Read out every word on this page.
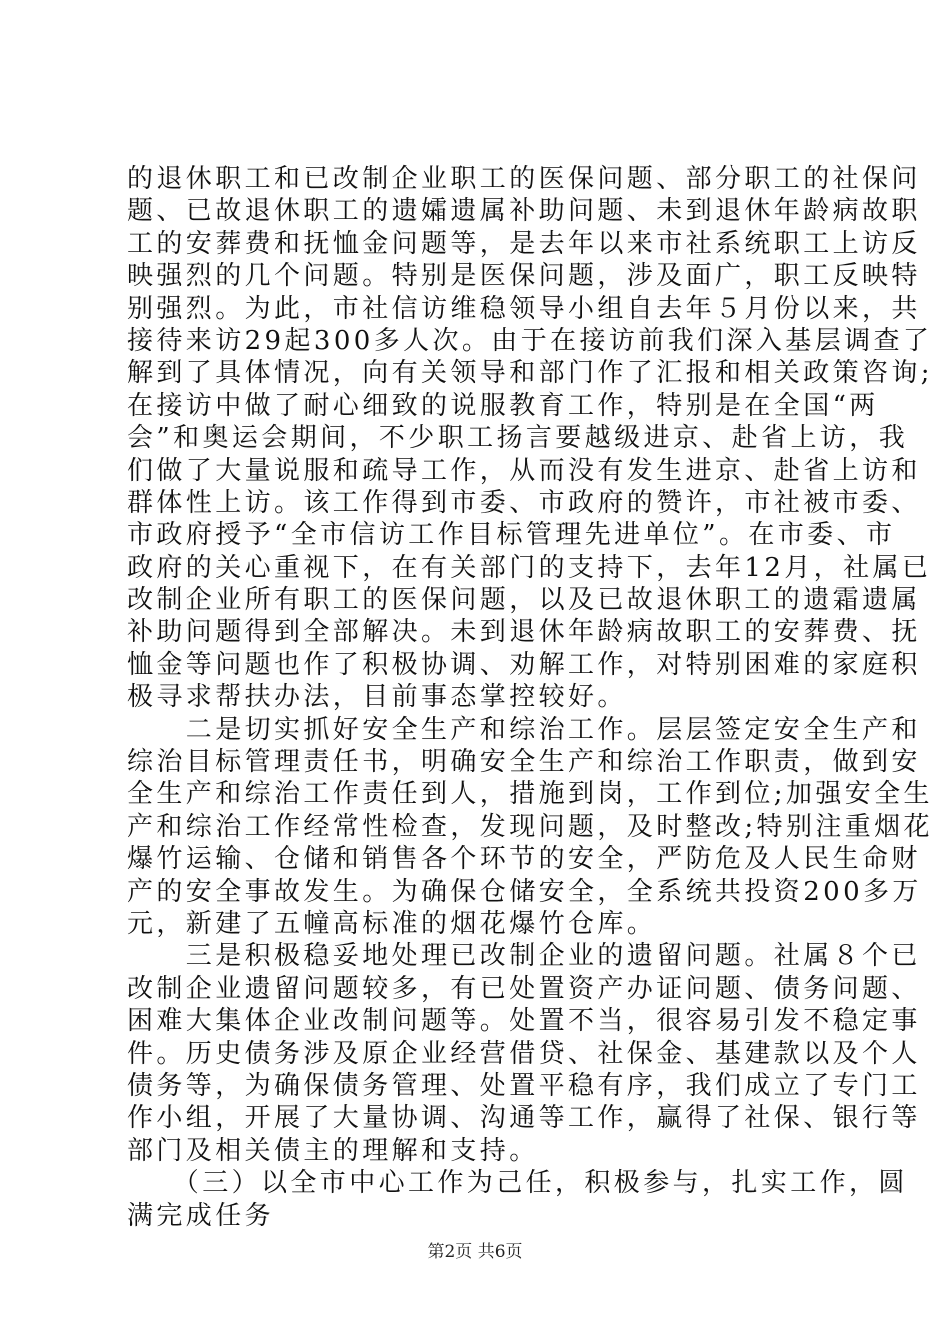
的退休职工和已改制企业职工的医保问题、部分职工的社保问
题、已故退休职工的遗孀遗属补助问题、未到退休年龄病故职
工的安葬费和抚恤金问题等，是去年以来市社系统职工上访反
映强烈的几个问题。特别是医保问题，涉及面广，职工反映特
别强烈。为此，市社信访维稳领导小组自去年５月份以来，共
接待来访29起300多人次。由于在接访前我们深入基层调查了
解到了具体情况，向有关领导和部门作了汇报和相关政策咨询;
在接访中做了耐心细致的说服教育工作，特别是在全国“两
会”和奥运会期间，不少职工扬言要越级进京、赴省上访，我
们做了大量说服和疏导工作，从而没有发生进京、赴省上访和
群体性上访。该工作得到市委、市政府的赞许，市社被市委、
市政府授予“全市信访工作目标管理先进单位”。在市委、市
政府的关心重视下，在有关部门的支持下，去年12月，社属已
改制企业所有职工的医保问题，以及已故退休职工的遗霜遗属
补助问题得到全部解决。未到退休年龄病故职工的安葬费、抚
恤金等问题也作了积极协调、劝解工作，对特别困难的家庭积
极寻求帮扶办法，目前事态掌控较好。
　　二是切实抓好安全生产和综治工作。层层签定安全生产和
综治目标管理责任书，明确安全生产和综治工作职责，做到安
全生产和综治工作责任到人，措施到岗，工作到位;加强安全生
产和综治工作经常性检查，发现问题，及时整改;特别注重烟花
爆竹运输、仓储和销售各个环节的安全，严防危及人民生命财
产的安全事故发生。为确保仓储安全，全系统共投资200多万
元，新建了五幢高标准的烟花爆竹仓库。
　　三是积极稳妥地处理已改制企业的遗留问题。社属８个已
改制企业遗留问题较多，有已处置资产办证问题、债务问题、
困难大集体企业改制问题等。处置不当，很容易引发不稳定事
件。历史债务涉及原企业经营借贷、社保金、基建款以及个人
债务等，为确保债务管理、处置平稳有序，我们成立了专门工
作小组，开展了大量协调、沟通等工作，赢得了社保、银行等
部门及相关债主的理解和支持。
　　（三）以全市中心工作为己任，积极参与，扎实工作，圆
满完成任务
第2页 共6页
